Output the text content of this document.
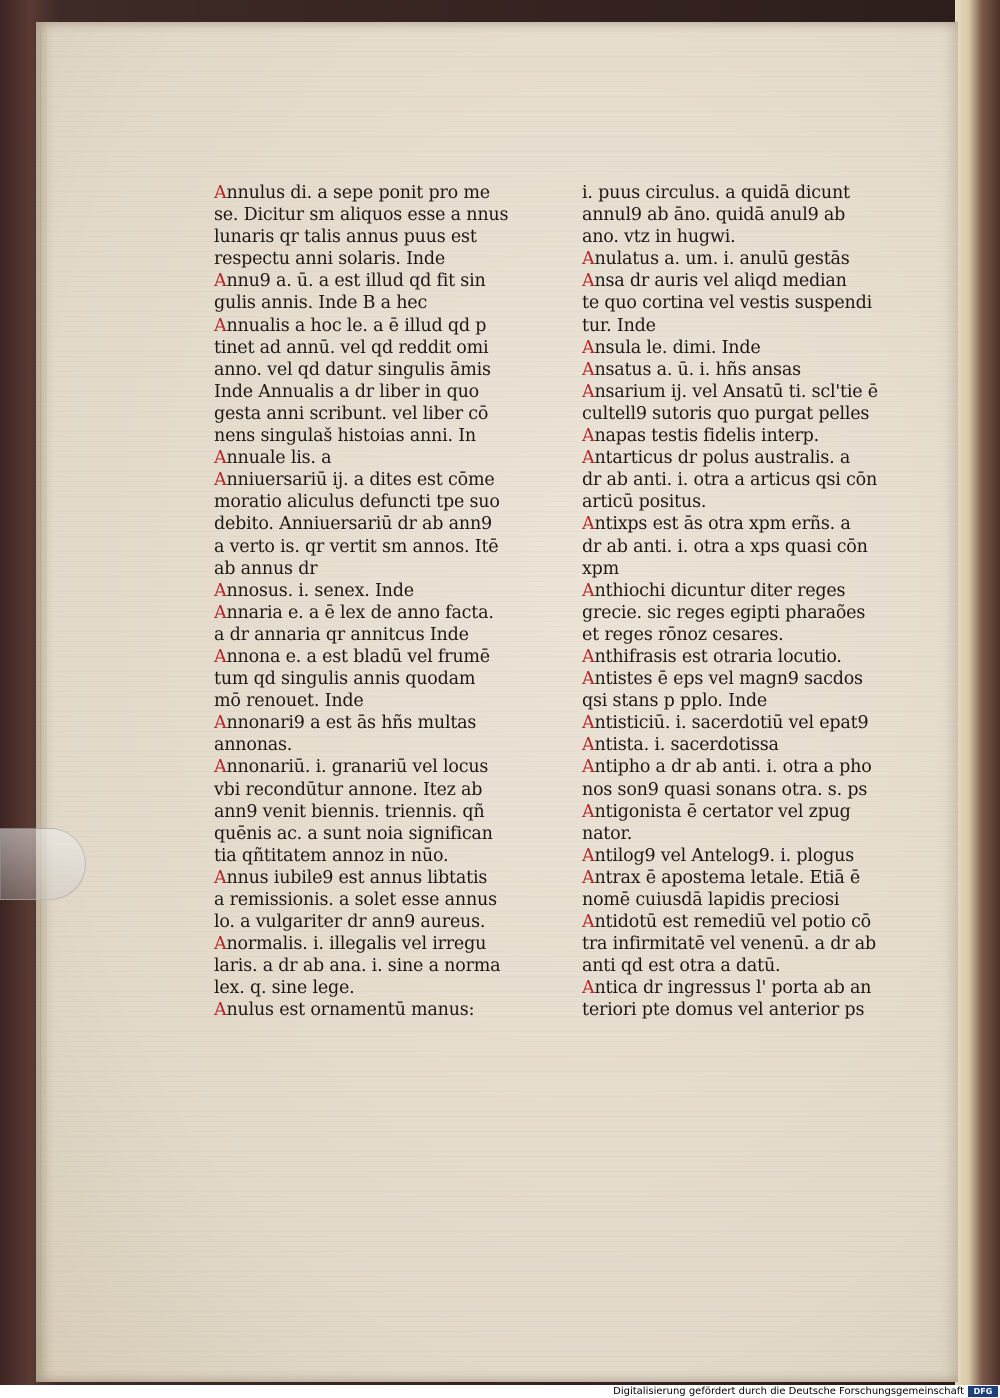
Annulus di. a sepe ponit pro me
se. Dicitur sm aliquos esse a nnus
lunaris qr talis annus puus est
respectu anni solaris. Inde
Annu9 a. ū. a est illud qd fit sin
gulis annis. Inde B a hec
Annualis a hoc le. a ē illud qd p
tinet ad annū. vel qd reddit omi
anno. vel qd datur singulis āmis
Inde Annualis a dr liber in quo
gesta anni scribunt. vel liber cō
nens singulaš histoias anni. In
Annuale lis. a
Anniuersariū ij. a dites est cōme
moratio aliculus defuncti tpe suo
debito. Anniuersariū dr ab ann9
a verto is. qr vertit sm annos. Itē
ab annus dr
Annosus. i. senex. Inde
Annaria e. a ē lex de anno facta.
a dr annaria qr annitcus Inde
Annona e. a est bladū vel frumē
tum qd singulis annis quodam
mō renouet. Inde
Annonari9 a est ās hñs multas
annonas.
Annonariū. i. granariū vel locus
vbi recondūtur annone. Itez ab
ann9 venit biennis. triennis. qñ
quēnis ac. a sunt noia significan
tia qñtitatem annoz in nūo.
Annus iubile9 est annus libtatis
a remissionis. a solet esse annus
lo. a vulgariter dr ann9 aureus.
Anormalis. i. illegalis vel irregu
laris. a dr ab ana. i. sine a norma
lex. q. sine lege.
Anulus est ornamentū manus:
i. puus circulus. a quidā dicunt
annul9 ab āno. quidā anul9 ab
ano. vtz in hugwi.
Anulatus a. um. i. anulū gestās
Ansa dr auris vel aliqd median
te quo cortina vel vestis suspendi
tur. Inde
Ansula le. dimi. Inde
Ansatus a. ū. i. hñs ansas
Ansarium ij. vel Ansatū ti. scl'tie ē
cultell9 sutoris quo purgat pelles
Anapas testis fidelis interp.
Antarticus dr polus australis. a
dr ab anti. i. otra a articus qsi cōn
articū positus.
Antixps est ās otra xpm erñs. a
dr ab anti. i. otra a xps quasi cōn
xpm
Anthiochi dicuntur diter reges
grecie. sic reges egipti pharaões
et reges rōnoz cesares.
Anthifrasis est otraria locutio.
Antistes ē eps vel magn9 sacdos
qsi stans p pplo. Inde
Antisticiū. i. sacerdotiū vel epat9
Antista. i. sacerdotissa
Antipho a dr ab anti. i. otra a pho
nos son9 quasi sonans otra. s. ps
Antigonista ē certator vel zpug
nator.
Antilog9 vel Antelog9. i. plogus
Antrax ē apostema letale. Etiā ē
nomē cuiusdā lapidis preciosi
Antidotū est remediū vel potio cō
tra infirmitatē vel venenū. a dr ab
anti qd est otra a datū.
Antica dr ingressus l' porta ab an
teriori pte domus vel anterior ps
Digitalisierung gefördert durch die Deutsche Forschungsgemeinschaft	DFG
